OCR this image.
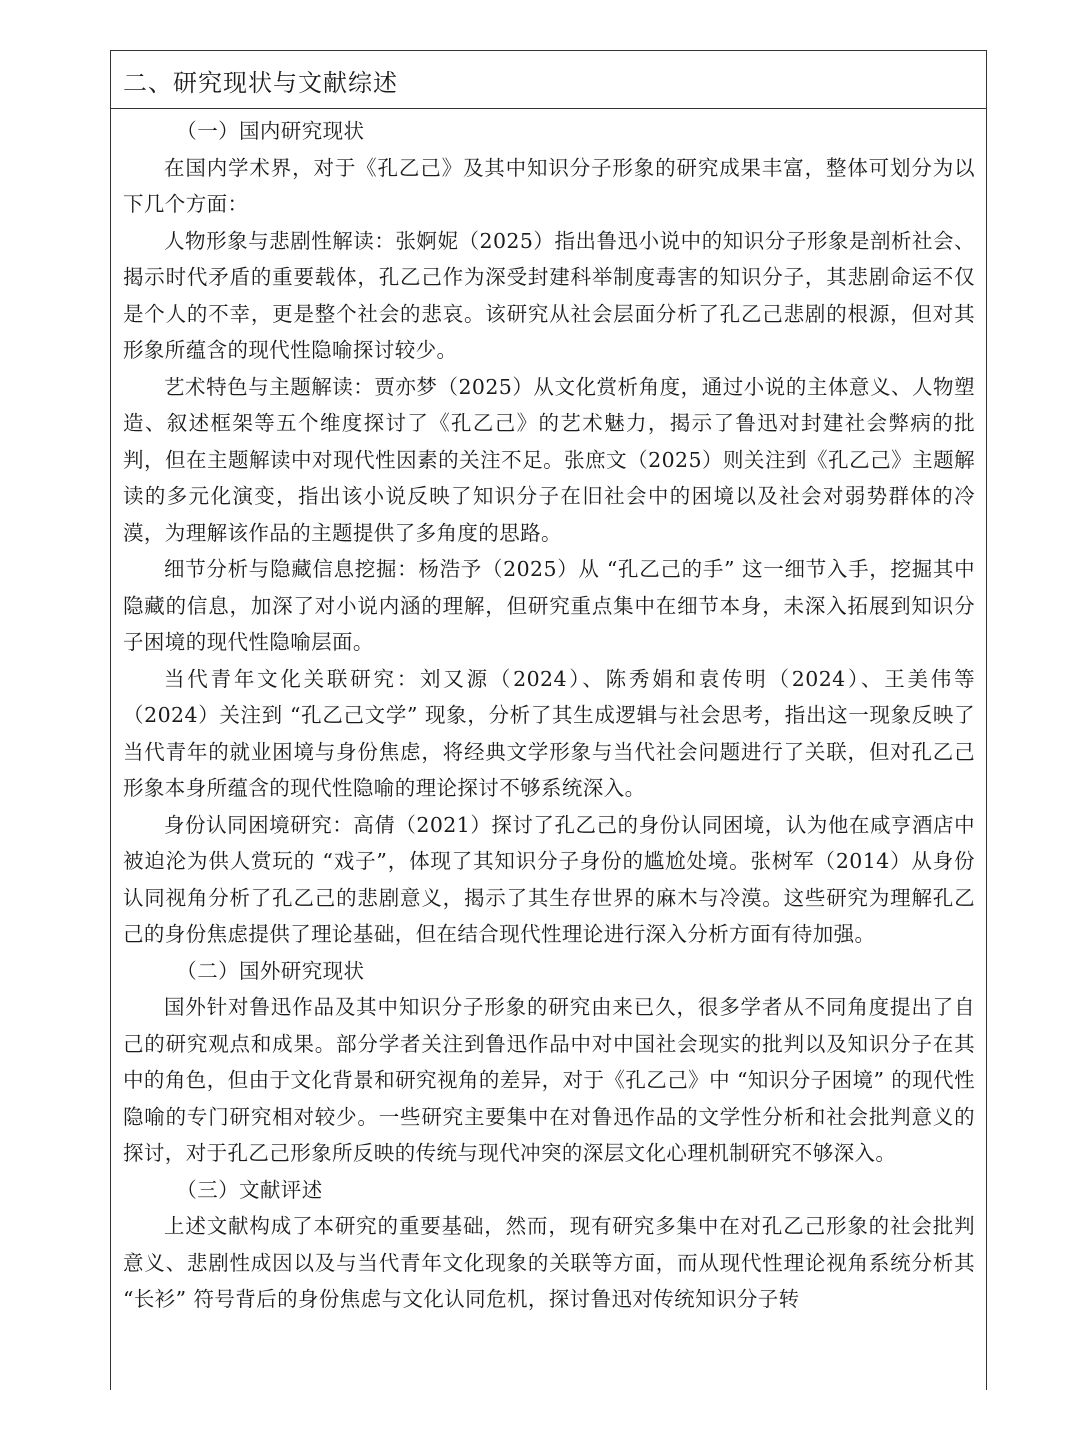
二、研究现状与文献综述

（一）国内研究现状

在国内学术界，对于《孔乙己》及其中知识分子形象的研究成果丰富，整体可划分为以下几个方面：

人物形象与悲剧性解读：张婀妮（2025）指出鲁迅小说中的知识分子形象是剖析社会、揭示时代矛盾的重要载体，孔乙己作为深受封建科举制度毒害的知识分子，其悲剧命运不仅是个人的不幸，更是整个社会的悲哀。该研究从社会层面分析了孔乙己悲剧的根源，但对其形象所蕴含的现代性隐喻探讨较少。

艺术特色与主题解读：贾亦梦（2025）从文化赏析角度，通过小说的主体意义、人物塑造、叙述框架等五个维度探讨了《孔乙己》的艺术魅力，揭示了鲁迅对封建社会弊病的批判，但在主题解读中对现代性因素的关注不足。张庶文（2025）则关注到《孔乙己》主题解读的多元化演变，指出该小说反映了知识分子在旧社会中的困境以及社会对弱势群体的冷漠，为理解该作品的主题提供了多角度的思路。

细节分析与隐藏信息挖掘：杨浩予（2025）从 “孔乙己的手” 这一细节入手，挖掘其中隐藏的信息，加深了对小说内涵的理解，但研究重点集中在细节本身，未深入拓展到知识分子困境的现代性隐喻层面。

当代青年文化关联研究：刘又源（2024）、陈秀娟和袁传明（2024）、王美伟等（2024）关注到 “孔乙己文学” 现象，分析了其生成逻辑与社会思考，指出这一现象反映了当代青年的就业困境与身份焦虑，将经典文学形象与当代社会问题进行了关联，但对孔乙己形象本身所蕴含的现代性隐喻的理论探讨不够系统深入。

身份认同困境研究：高倩（2021）探讨了孔乙己的身份认同困境，认为他在咸亨酒店中被迫沦为供人赏玩的 “戏子”，体现了其知识分子身份的尴尬处境。张树军（2014）从身份认同视角分析了孔乙己的悲剧意义，揭示了其生存世界的麻木与冷漠。这些研究为理解孔乙己的身份焦虑提供了理论基础，但在结合现代性理论进行深入分析方面有待加强。

（二）国外研究现状

国外针对鲁迅作品及其中知识分子形象的研究由来已久，很多学者从不同角度提出了自己的研究观点和成果。部分学者关注到鲁迅作品中对中国社会现实的批判以及知识分子在其中的角色，但由于文化背景和研究视角的差异，对于《孔乙己》中 “知识分子困境” 的现代性隐喻的专门研究相对较少。一些研究主要集中在对鲁迅作品的文学性分析和社会批判意义的探讨，对于孔乙己形象所反映的传统与现代冲突的深层文化心理机制研究不够深入。

（三）文献评述

上述文献构成了本研究的重要基础，然而，现有研究多集中在对孔乙己形象的社会批判意义、悲剧性成因以及与当代青年文化现象的关联等方面，而从现代性理论视角系统分析其 “长衫” 符号背后的身份焦虑与文化认同危机，探讨鲁迅对传统知识分子转
